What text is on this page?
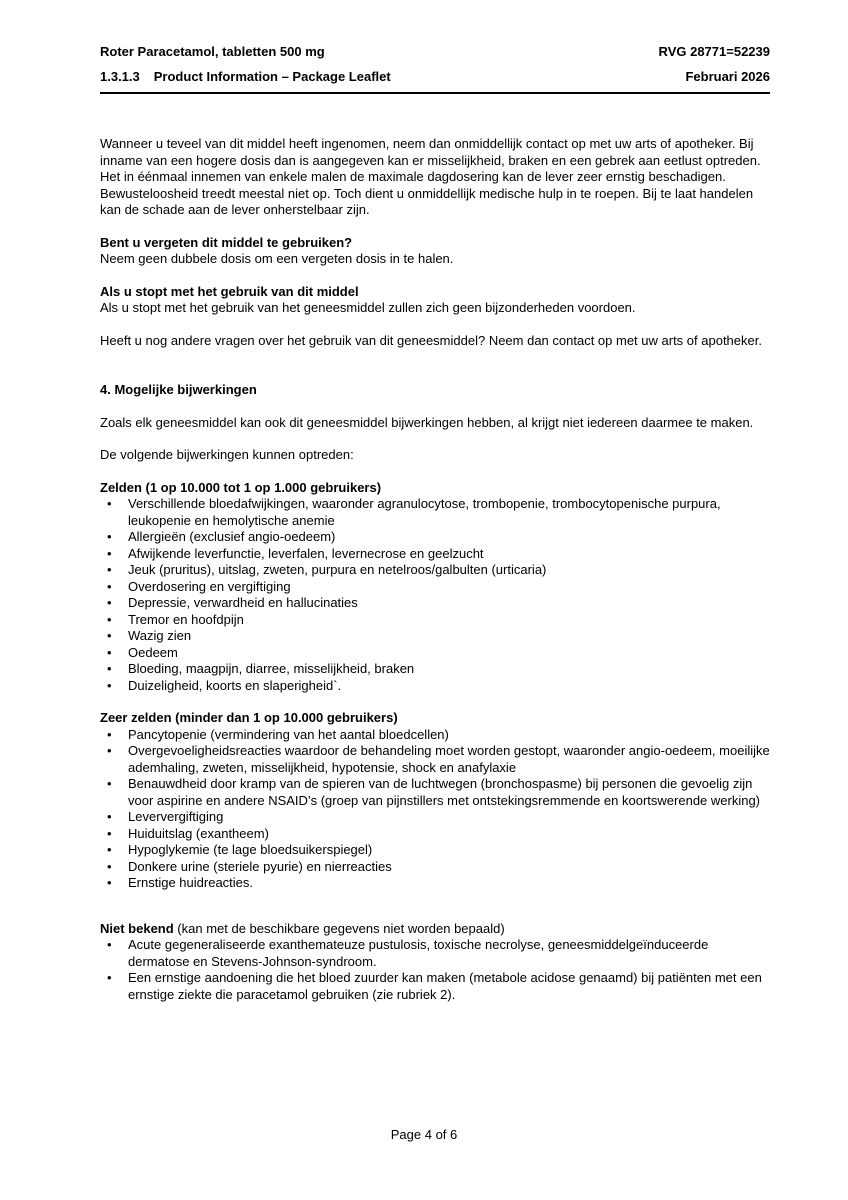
Roter Paracetamol, tabletten 500 mg	RVG 28771=52239
1.3.1.3 Product Information – Package Leaflet	Februari 2026

Wanneer u teveel van dit middel heeft ingenomen, neem dan onmiddellijk contact op met uw arts of apotheker. Bij inname van een hogere dosis dan is aangegeven kan er misselijkheid, braken en een gebrek aan eetlust optreden. Het in éénmaal innemen van enkele malen de maximale dagdosering kan de lever zeer ernstig beschadigen. Bewusteloosheid treedt meestal niet op. Toch dient u onmiddellijk medische hulp in te roepen. Bij te laat handelen kan de schade aan de lever onherstelbaar zijn.

Bent u vergeten dit middel te gebruiken?

Neem geen dubbele dosis om een vergeten dosis in te halen.

Als u stopt met het gebruik van dit middel

Als u stopt met het gebruik van het geneesmiddel zullen zich geen bijzonderheden voordoen.

Heeft u nog andere vragen over het gebruik van dit geneesmiddel? Neem dan contact op met uw arts of apotheker.

4. Mogelijke bijwerkingen

Zoals elk geneesmiddel kan ook dit geneesmiddel bijwerkingen hebben, al krijgt niet iedereen daarmee te maken.

De volgende bijwerkingen kunnen optreden:

Zelden (1 op 10.000 tot 1 op 1.000 gebruikers)

• Verschillende bloedafwijkingen, waaronder agranulocytose, trombopenie, trombocytopenische purpura, leukopenie en hemolytische anemie
• Allergieën (exclusief angio-oedeem)
• Afwijkende leverfunctie, leverfalen, levernecrose en geelzucht
• Jeuk (pruritus), uitslag, zweten, purpura en netelroos/galbulten (urticaria)
• Overdosering en vergiftiging
• Depressie, verwardheid en hallucinaties
• Tremor en hoofdpijn
• Wazig zien
• Oedeem
• Bloeding, maagpijn, diarree, misselijkheid, braken
• Duizeligheid, koorts en slaperigheid`.

Zeer zelden (minder dan 1 op 10.000 gebruikers)

• Pancytopenie (vermindering van het aantal bloedcellen)
• Overgevoeligheidsreacties waardoor de behandeling moet worden gestopt, waaronder angio-oedeem, moeilijke ademhaling, zweten, misselijkheid, hypotensie, shock en anafylaxie
• Benauwdheid door kramp van de spieren van de luchtwegen (bronchospasme) bij personen die gevoelig zijn voor aspirine en andere NSAID’s (groep van pijnstillers met ontstekingsremmende en koortswerende werking)
• Leververgiftiging
• Huiduitslag (exantheem)
• Hypoglykemie (te lage bloedsuikerspiegel)
• Donkere urine (steriele pyurie) en nierreacties
• Ernstige huidreacties.

Niet bekend (kan met de beschikbare gegevens niet worden bepaald)

• Acute gegeneraliseerde exanthemateuze pustulosis, toxische necrolyse, geneesmiddelgeïnduceerde dermatose en Stevens-Johnson-syndroom.
• Een ernstige aandoening die het bloed zuurder kan maken (metabole acidose genaamd) bij patiënten met een ernstige ziekte die paracetamol gebruiken (zie rubriek 2).
Page 4 of 6
